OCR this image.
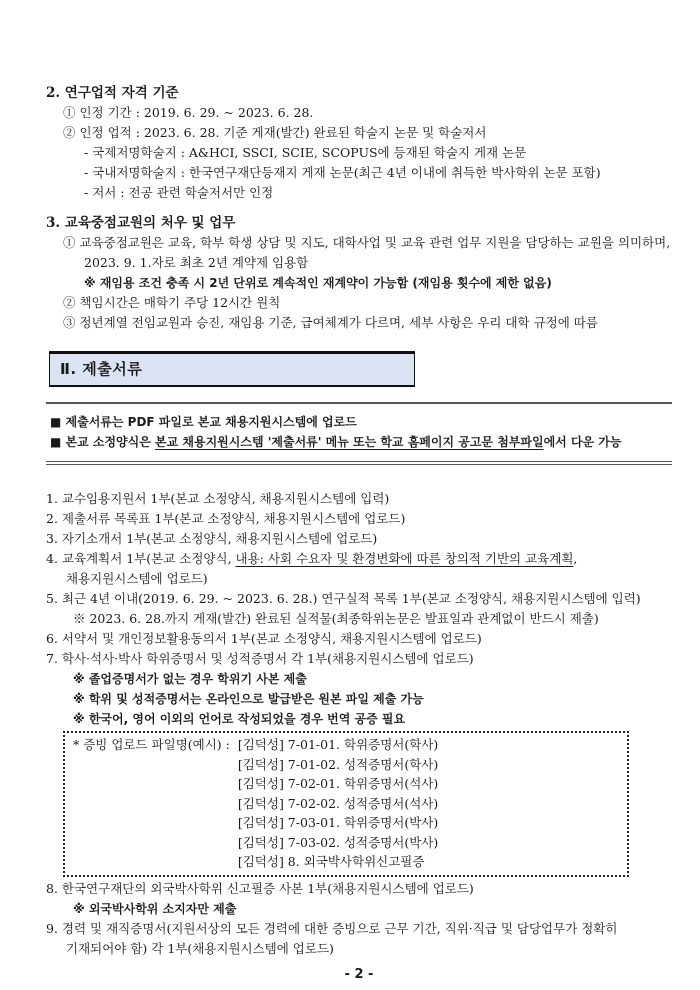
2. 연구업적 자격 기준

① 인정 기간 : 2019. 6. 29. ~ 2023. 6. 28.

② 인정 업적 : 2023. 6. 28. 기준 게재(발간) 완료된 학술지 논문 및 학술저서

- 국제저명학술지 : A&HCI, SSCI, SCIE, SCOPUS에 등재된 학술지 게재 논문

- 국내저명학술지 : 한국연구재단등재지 게재 논문(최근 4년 이내에 취득한 박사학위 논문 포함)

- 저서 : 전공 관련 학술저서만 인정

3. 교육중점교원의 처우 및 업무

① 교육중점교원은 교육, 학부 학생 상담 및 지도, 대학사업 및 교육 관련 업무 지원을 담당하는 교원을 의미하며, 2023. 9. 1.자로 최초 2년 계약제 임용함

※ 재임용 조건 충족 시 2년 단위로 계속적인 재계약이 가능함 (재임용 횟수에 제한 없음)

② 책임시간은 매학기 주당 12시간 원칙

③ 정년계열 전임교원과 승진, 재임용 기준, 급여체계가 다르며, 세부 사항은 우리 대학 규정에 따름

Ⅱ. 제출서류

■ 제출서류는 PDF 파일로 본교 채용지원시스템에 업로드

■ 본교 소정양식은 본교 채용지원시스템 '제출서류' 메뉴 또는 학교 홈페이지 공고문 첨부파일에서 다운 가능

1. 교수임용지원서 1부(본교 소정양식, 채용지원시스템에 입력)

2. 제출서류 목록표 1부(본교 소정양식, 채용지원시스템에 업로드)

3. 자기소개서 1부(본교 소정양식, 채용지원시스템에 업로드)

4. 교육계획서 1부(본교 소정양식, 내용: 사회 수요자 및 환경변화에 따른 창의적 기반의 교육계획, 채용지원시스템에 업로드)

5. 최근 4년 이내(2019. 6. 29. ~ 2023. 6. 28.) 연구실적 목록 1부(본교 소정양식, 채용지원시스템에 입력)

※ 2023. 6. 28.까지 게재(발간) 완료된 실적물(최종학위논문은 발표일과 관계없이 반드시 제출)

6. 서약서 및 개인정보활용동의서 1부(본교 소정양식, 채용지원시스템에 업로드)

7. 학사·석사·박사 학위증명서 및 성적증명서 각 1부(채용지원시스템에 업로드)

※ 졸업증명서가 없는 경우 학위기 사본 제출

※ 학위 및 성적증명서는 온라인으로 발급받은 원본 파일 제출 가능

※ 한국어, 영어 이외의 언어로 작성되었을 경우 번역 공증 필요

* 증빙 업로드 파일명(예시) : [김덕성] 7-01-01. 학위증명서(학사)

[김덕성] 7-01-02. 성적증명서(학사)

[김덕성] 7-02-01. 학위증명서(석사)

[김덕성] 7-02-02. 성적증명서(석사)

[김덕성] 7-03-01. 학위증명서(박사)

[김덕성] 7-03-02. 성적증명서(박사)

[김덕성] 8. 외국박사학위신고필증

8. 한국연구재단의 외국박사학위 신고필증 사본 1부(채용지원시스템에 업로드)

※ 외국박사학위 소지자만 제출

9. 경력 및 재직증명서(지원서상의 모든 경력에 대한 증빙으로 근무 기간, 직위·직급 및 담당업무가 정확히 기재되어야 함) 각 1부(채용지원시스템에 업로드)

- 2 -
